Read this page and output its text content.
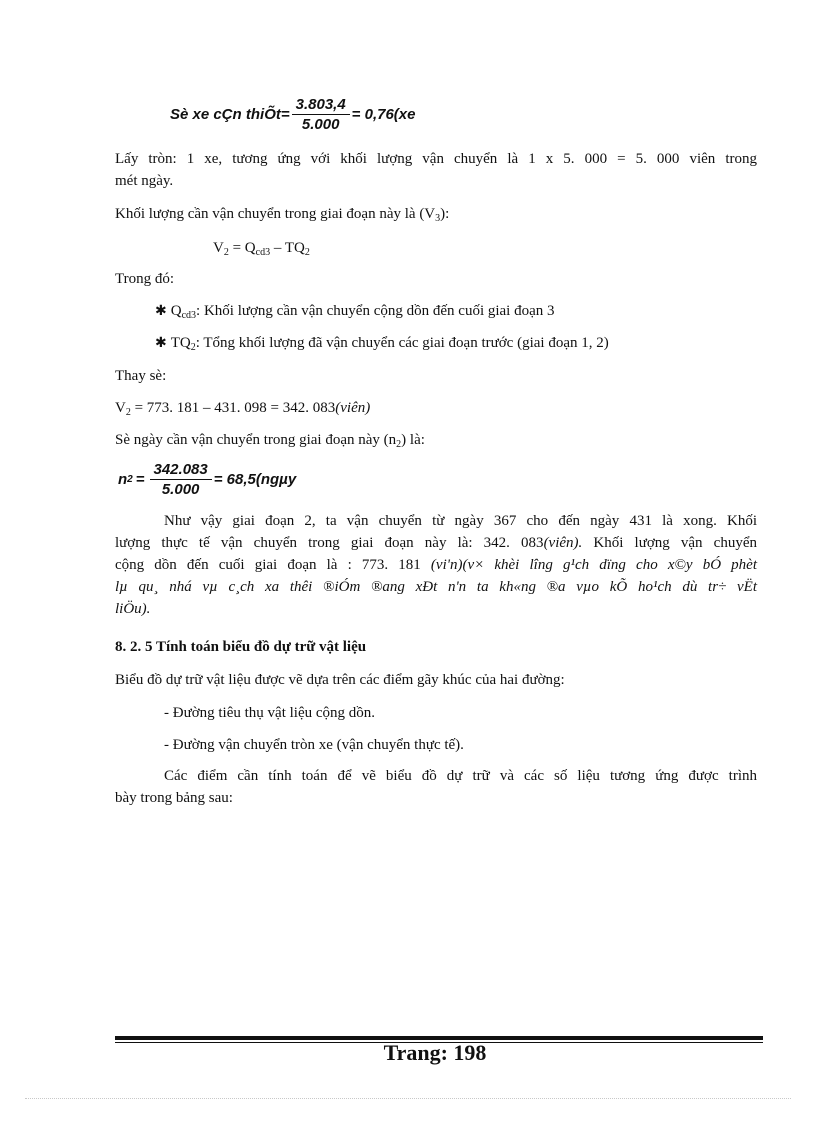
Sè xe cÇn thiÕt = $\frac{3.803,4}{5.000} = 0,76(xe$
Lấy tròn: 1 xe, tương ứng với khối lượng vận chuyển là 1 x 5. 000 = 5. 000 viên trong
mét ngày.
Khối lượng cần vận chuyển trong giai đoạn này là $(V_3)$:
$V_2 = Q_{cd3} - TQ_2$
Trong đó:
✱ $Q_{cd3}$: Khối lượng cần vận chuyển cộng dồn đến cuối giai đoạn 3
✱ $TQ_2$: Tổng khối lượng đã vận chuyển các giai đoạn trước (giai đoạn 1, 2)
Thay sè:
$V_2 = 773$. 181 – 431. 098 = 342. 083(viên)
Sè ngày cần vận chuyển trong giai đoạn này $(n_2)$ là:
n $2 = \frac{342.083}{5.000} = 68,5(ng\mu y$
Như vậy giai đoạn 2, ta vận chuyển từ ngày 367 cho đến ngày 431 là xong. Khối
lượng thực tế vận chuyển trong giai đoạn này là: 342. 083(viên). Khối lượng vận chuyển
cộng dồn đến cuối giai đoạn là : 773. 181 (vi'n)(v× khèi lîng g¹ch dïng cho x©y bÓ phèt
lµ qu¸ nhá vµ c¸ch xa thêi ®iÓm ®ang xÐt n'n ta kh«ng ®a vµo kÕ ho¹ch dù tr÷ vËt
liÖu).
8. 2. 5 Tính toán biểu đồ dự trữ vật liệu
Biểu đồ dự trữ vật liệu được vẽ dựa trên các điểm gãy khúc của hai đường:
- Đường tiêu thụ vật liệu cộng dồn.
- Đường vận chuyển tròn xe (vận chuyển thực tế).
Các điểm cần tính toán để vẽ biểu đồ dự trữ và các số liệu tương ứng được trình
bày trong bảng sau:
Trang: 198
